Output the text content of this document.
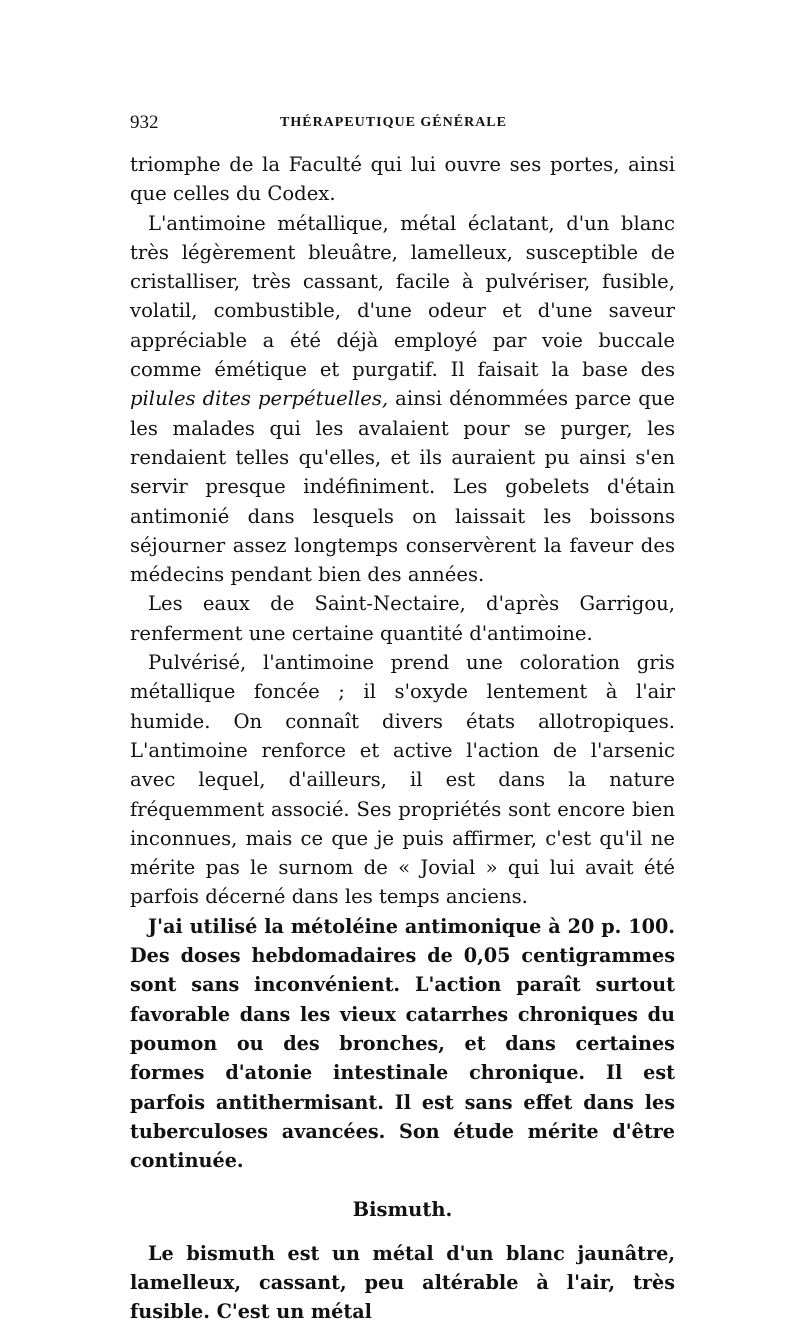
932	THÉRAPEUTIQUE GÉNÉRALE

triomphe de la Faculté qui lui ouvre ses portes, ainsi que celles du Codex.

L'antimoine métallique, métal éclatant, d'un blanc très légèrement bleuâtre, lamelleux, susceptible de cristalliser, très cassant, facile à pulvériser, fusible, volatil, combustible, d'une odeur et d'une saveur appréciable a été déjà employé par voie buccale comme émétique et purgatif. Il faisait la base des pilules dites perpétuelles, ainsi dénommées parce que les malades qui les avalaient pour se purger, les rendaient telles qu'elles, et ils auraient pu ainsi s'en servir presque indéfiniment. Les gobelets d'étain antimonié dans lesquels on laissait les boissons séjourner assez longtemps conservèrent la faveur des médecins pendant bien des années.

Les eaux de Saint-Nectaire, d'après Garrigou, renferment une certaine quantité d'antimoine.

Pulvérisé, l'antimoine prend une coloration gris métallique foncée ; il s'oxyde lentement à l'air humide. On connaît divers états allotropiques. L'antimoine renforce et active l'action de l'arsenic avec lequel, d'ailleurs, il est dans la nature fréquemment associé. Ses propriétés sont encore bien inconnues, mais ce que je puis affirmer, c'est qu'il ne mérite pas le surnom de « Jovial » qui lui avait été parfois décerné dans les temps anciens.

J'ai utilisé la métoléine antimonique à 20 p. 100. Des doses hebdomadaires de 0,05 centigrammes sont sans inconvénient. L'action paraît surtout favorable dans les vieux catarrhes chroniques du poumon ou des bronches, et dans certaines formes d'atonie intestinale chronique. Il est parfois antithermisant. Il est sans effet dans les tuberculoses avancées. Son étude mérite d'être continuée.

Bismuth.

Le bismuth est un métal d'un blanc jaunâtre, lamelleux, cassant, peu altérable à l'air, très fusible. C'est un métal
